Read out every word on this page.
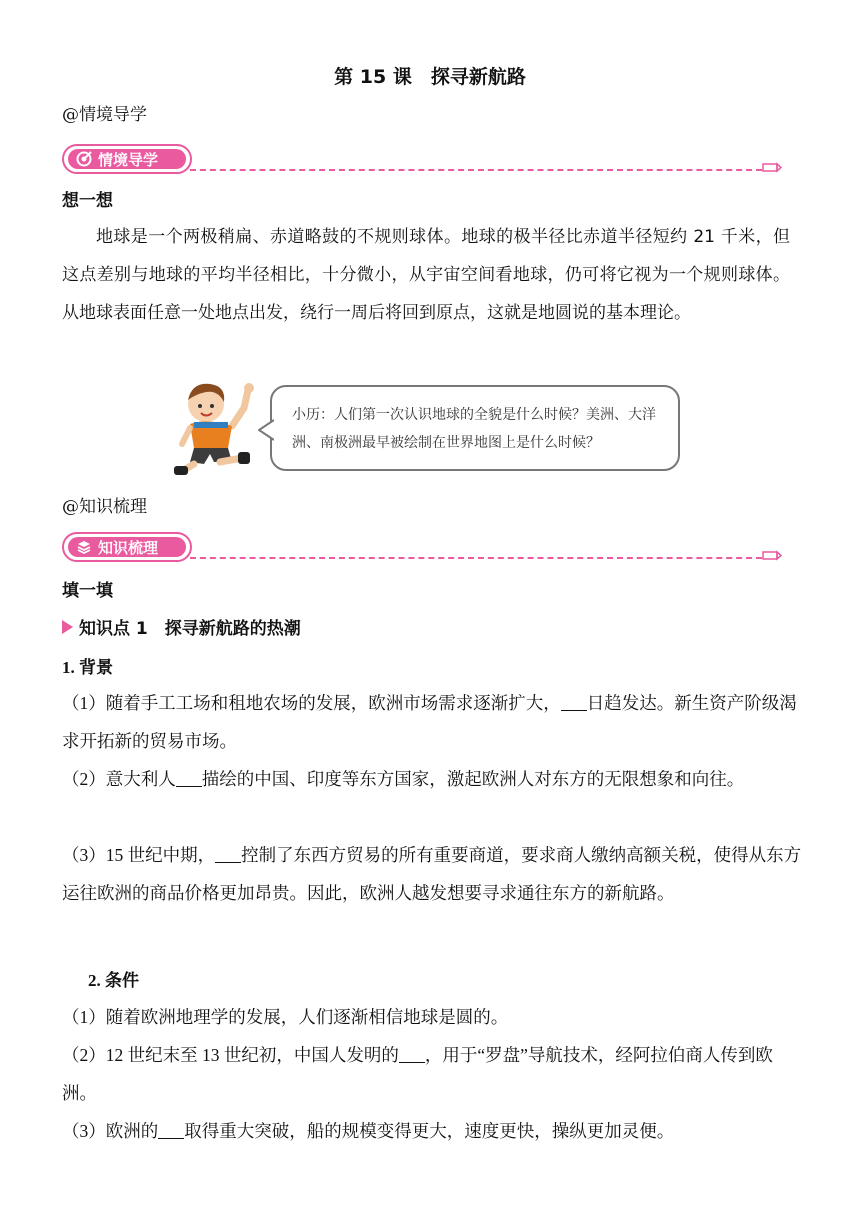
第 15 课　探寻新航路
@情境导学
情境导学
想一想
地球是一个两极稍扁、赤道略鼓的不规则球体。地球的极半径比赤道半径短约 21 千米，但这点差别与地球的平均半径相比，十分微小，从宇宙空间看地球，仍可将它视为一个规则球体。从地球表面任意一处地点出发，绕行一周后将回到原点，这就是地圆说的基本理论。
小历：人们第一次认识地球的全貌是什么时候？美洲、大洋洲、南极洲最早被绘制在世界地图上是什么时候？
@知识梳理
知识梳理
填一填
知识点 1　探寻新航路的热潮
1. 背景
（1）随着手工工场和租地农场的发展，欧洲市场需求逐渐扩大， 日趋发达。新生资产阶级渴求开拓新的贸易市场。
（2）意大利人 描绘的中国、印度等东方国家，激起欧洲人对东方的无限想象和向往。
（3）15 世纪中期， 控制了东西方贸易的所有重要商道，要求商人缴纳高额关税，使得从东方运往欧洲的商品价格更加昂贵。因此，欧洲人越发想要寻求通往东方的新航路。
2. 条件
（1）随着欧洲地理学的发展，人们逐渐相信地球是圆的。
（2）12 世纪末至 13 世纪初，中国人发明的 ，用于“罗盘”导航技术，经阿拉伯商人传到欧洲。
（3）欧洲的 取得重大突破，船的规模变得更大，速度更快，操纵更加灵便。
